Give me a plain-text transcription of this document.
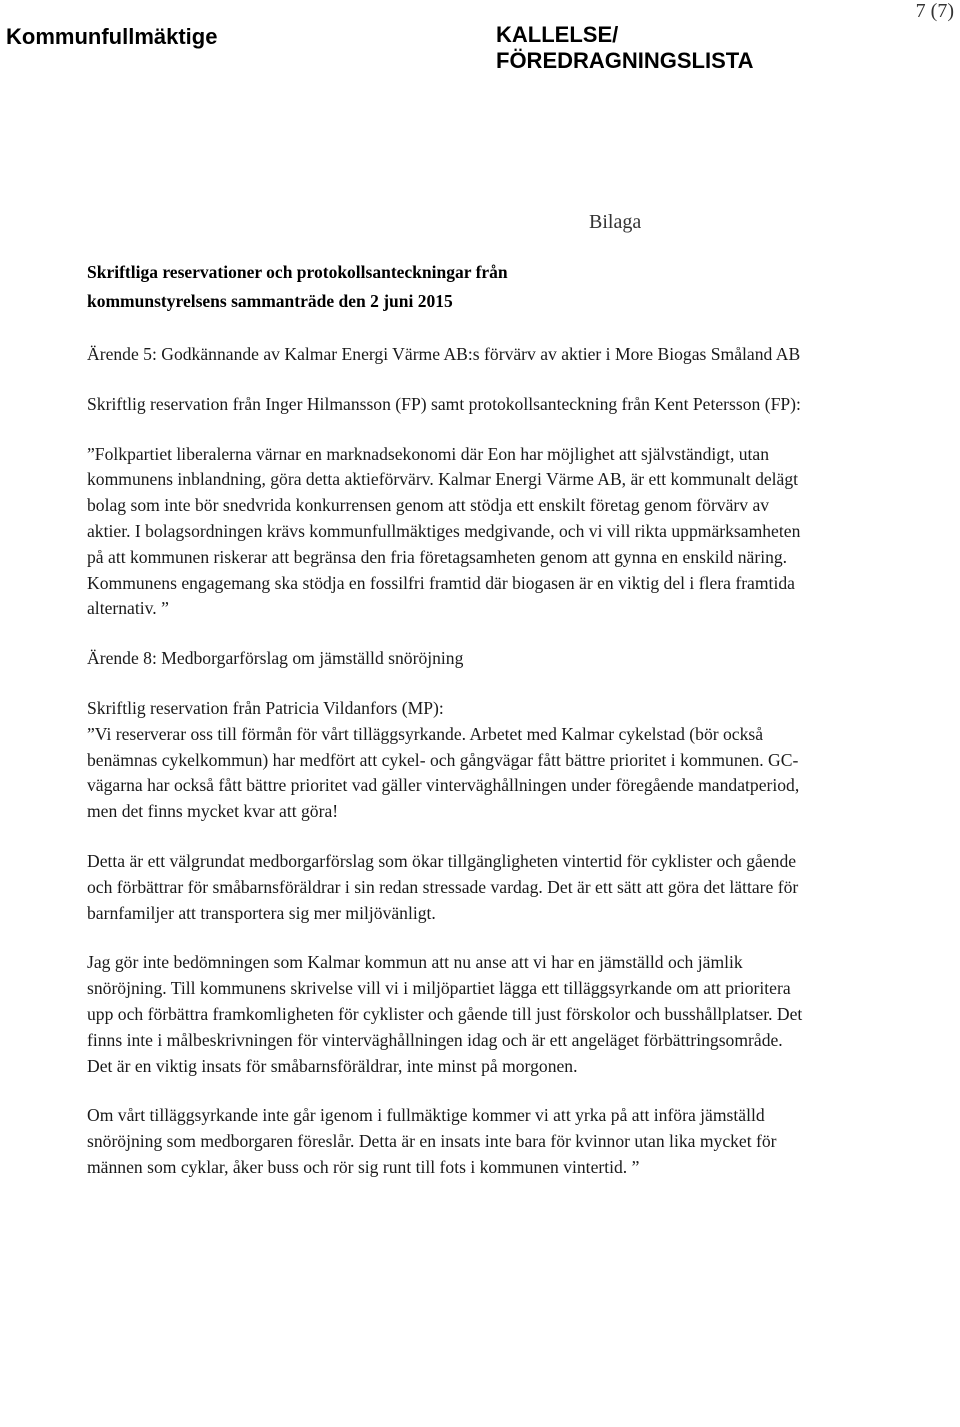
Kommunfullmäktige	KALLELSE/
FÖREDRAGNINGSLISTA
7 (7)
Bilaga

Skriftliga reservationer och protokollsanteckningar från

kommunstyrelsens sammanträde den 2 juni 2015

Ärende 5: Godkännande av Kalmar Energi Värme AB:s förvärv av aktier i More Biogas Småland AB

Skriftlig reservation från Inger Hilmansson (FP) samt protokollsanteckning från Kent Petersson (FP):

”Folkpartiet liberalerna värnar en marknadsekonomi där Eon har möjlighet att självständigt, utan kommunens inblandning, göra detta aktieförvärv. Kalmar Energi Värme AB, är ett kommunalt delägt bolag som inte bör snedvrida konkurrensen genom att stödja ett enskilt företag genom förvärv av aktier. I bolagsordningen krävs kommunfullmäktiges medgivande, och vi vill rikta uppmärksamheten på att kommunen riskerar att begränsa den fria företagsamheten genom att gynna en enskild näring. Kommunens engagemang ska stödja en fossilfri framtid där biogasen är en viktig del i flera framtida alternativ. ”

Ärende 8: Medborgarförslag om jämställd snöröjning

Skriftlig reservation från Patricia Vildanfors (MP):

”Vi reserverar oss till förmån för vårt tilläggsyrkande. Arbetet med Kalmar cykelstad (bör också benämnas cykelkommun) har medfört att cykel- och gångvägar fått bättre prioritet i kommunen. GC-vägarna har också fått bättre prioritet vad gäller vinterväghållningen under föregående mandatperiod, men det finns mycket kvar att göra!

Detta är ett välgrundat medborgarförslag som ökar tillgängligheten vintertid för cyklister och gående och förbättrar för småbarnsföräldrar i sin redan stressade vardag. Det är ett sätt att göra det lättare för barnfamiljer att transportera sig mer miljövänligt.

Jag gör inte bedömningen som Kalmar kommun att nu anse att vi har en jämställd och jämlik snöröjning. Till kommunens skrivelse vill vi i miljöpartiet lägga ett tilläggsyrkande om att prioritera upp och förbättra framkomligheten för cyklister och gående till just förskolor och busshållplatser. Det finns inte i målbeskrivningen för vinterväghållningen idag och är ett angeläget förbättringsområde. Det är en viktig insats för småbarnsföräldrar, inte minst på morgonen.

Om vårt tilläggsyrkande inte går igenom i fullmäktige kommer vi att yrka på att införa jämställd snöröjning som medborgaren föreslår. Detta är en insats inte bara för kvinnor utan lika mycket för männen som cyklar, åker buss och rör sig runt till fots i kommunen vintertid. ”
